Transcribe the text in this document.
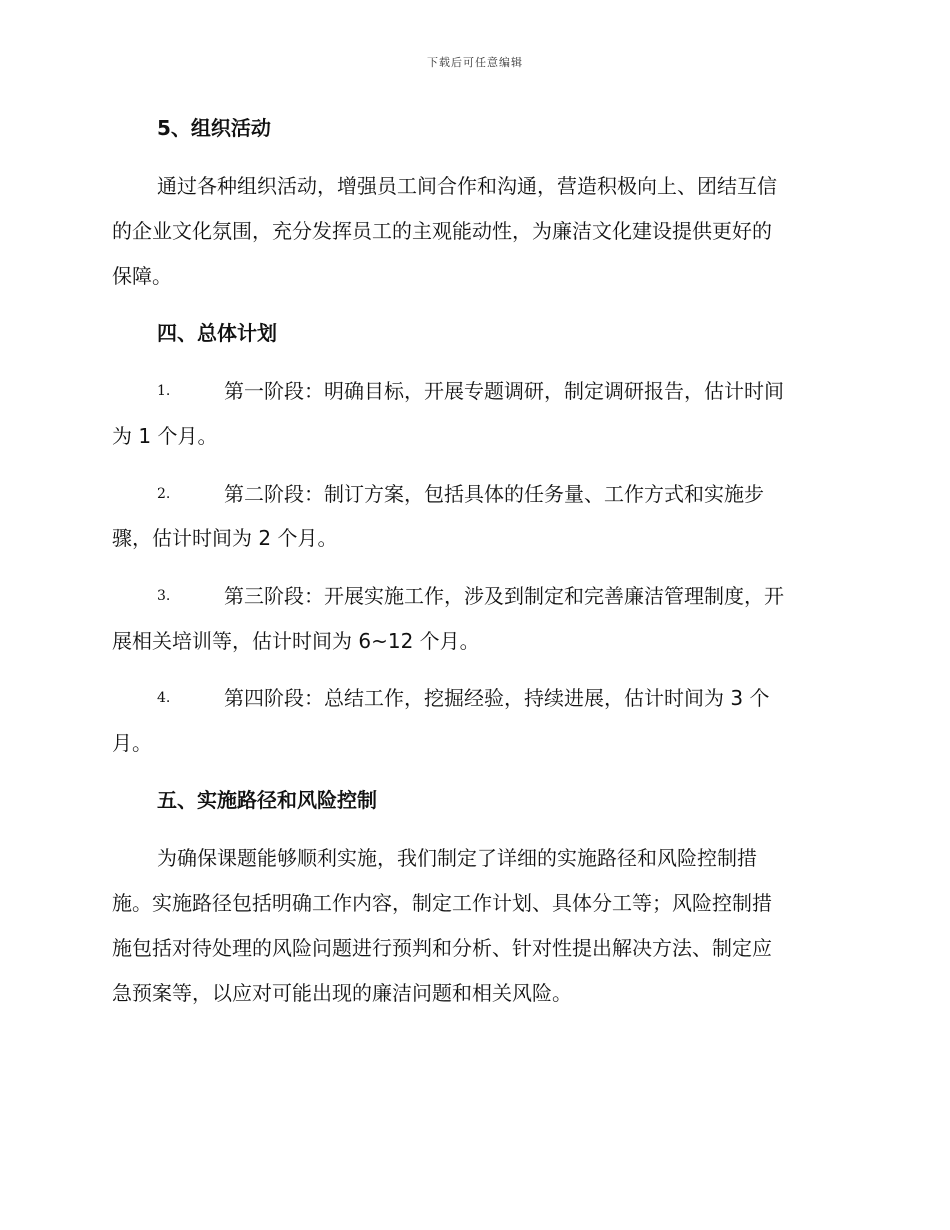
下载后可任意编辑
5、组织活动
通过各种组织活动，增强员工间合作和沟通，营造积极向上、团结互信
的企业文化氛围，充分发挥员工的主观能动性，为廉洁文化建设提供更好的
保障。
四、总体计划
1.	第一阶段：明确目标，开展专题调研，制定调研报告，估计时间
为 1 个月。
2.	第二阶段：制订方案，包括具体的任务量、工作方式和实施步
骤，估计时间为 2 个月。
3.	第三阶段：开展实施工作，涉及到制定和完善廉洁管理制度，开
展相关培训等，估计时间为 6~12 个月。
4.	第四阶段：总结工作，挖掘经验，持续进展，估计时间为 3 个
月。
五、实施路径和风险控制
为确保课题能够顺利实施，我们制定了详细的实施路径和风险控制措
施。实施路径包括明确工作内容，制定工作计划、具体分工等；风险控制措
施包括对待处理的风险问题进行预判和分析、针对性提出解决方法、制定应
急预案等，以应对可能出现的廉洁问题和相关风险。
